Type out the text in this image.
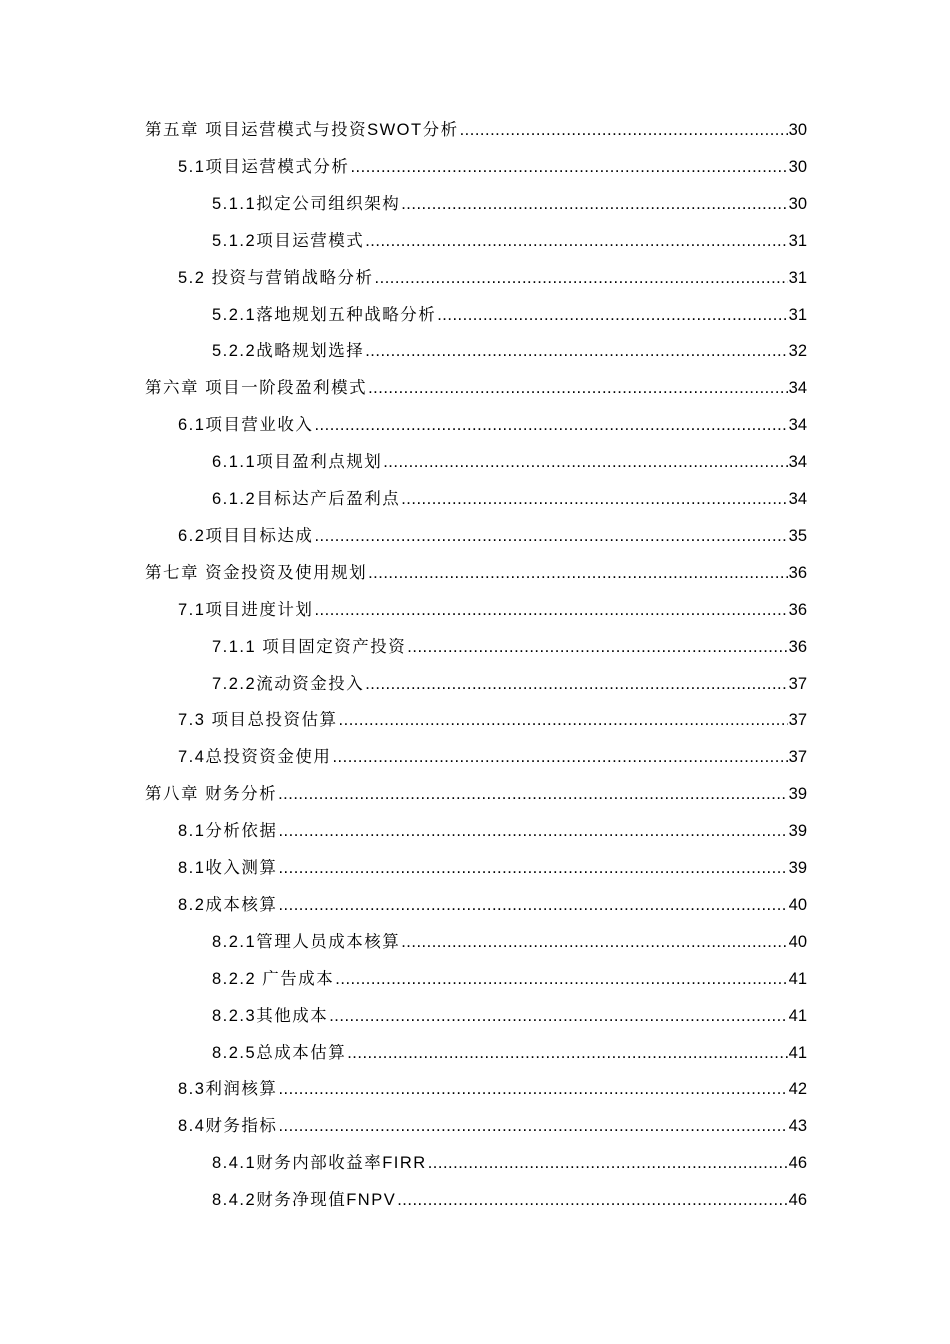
第五章 项目运营模式与投资SWOT分析 .....	30
5.1项目运营模式分析 .....	30
5.1.1拟定公司组织架构 .....	30
5.1.2项目运营模式 .....	31
5.2 投资与营销战略分析 .....	31
5.2.1落地规划五种战略分析 .....	31
5.2.2战略规划选择 .....	32
第六章 项目一阶段盈利模式 .....	34
6.1项目营业收入 .....	34
6.1.1项目盈利点规划 .....	34
6.1.2目标达产后盈利点 .....	34
6.2项目目标达成 .....	35
第七章 资金投资及使用规划 .....	36
7.1项目进度计划 .....	36
7.1.1 项目固定资产投资 .....	36
7.2.2流动资金投入 .....	37
7.3 项目总投资估算 .....	37
7.4总投资资金使用 .....	37
第八章 财务分析 .....	39
8.1分析依据 .....	39
8.1收入测算 .....	39
8.2成本核算 .....	40
8.2.1管理人员成本核算 .....	40
8.2.2 广告成本 .....	41
8.2.3其他成本 .....	41
8.2.5总成本估算 .....	41
8.3利润核算 .....	42
8.4财务指标 .....	43
8.4.1财务内部收益率FIRR .....	46
8.4.2财务净现值FNPV .....	46
